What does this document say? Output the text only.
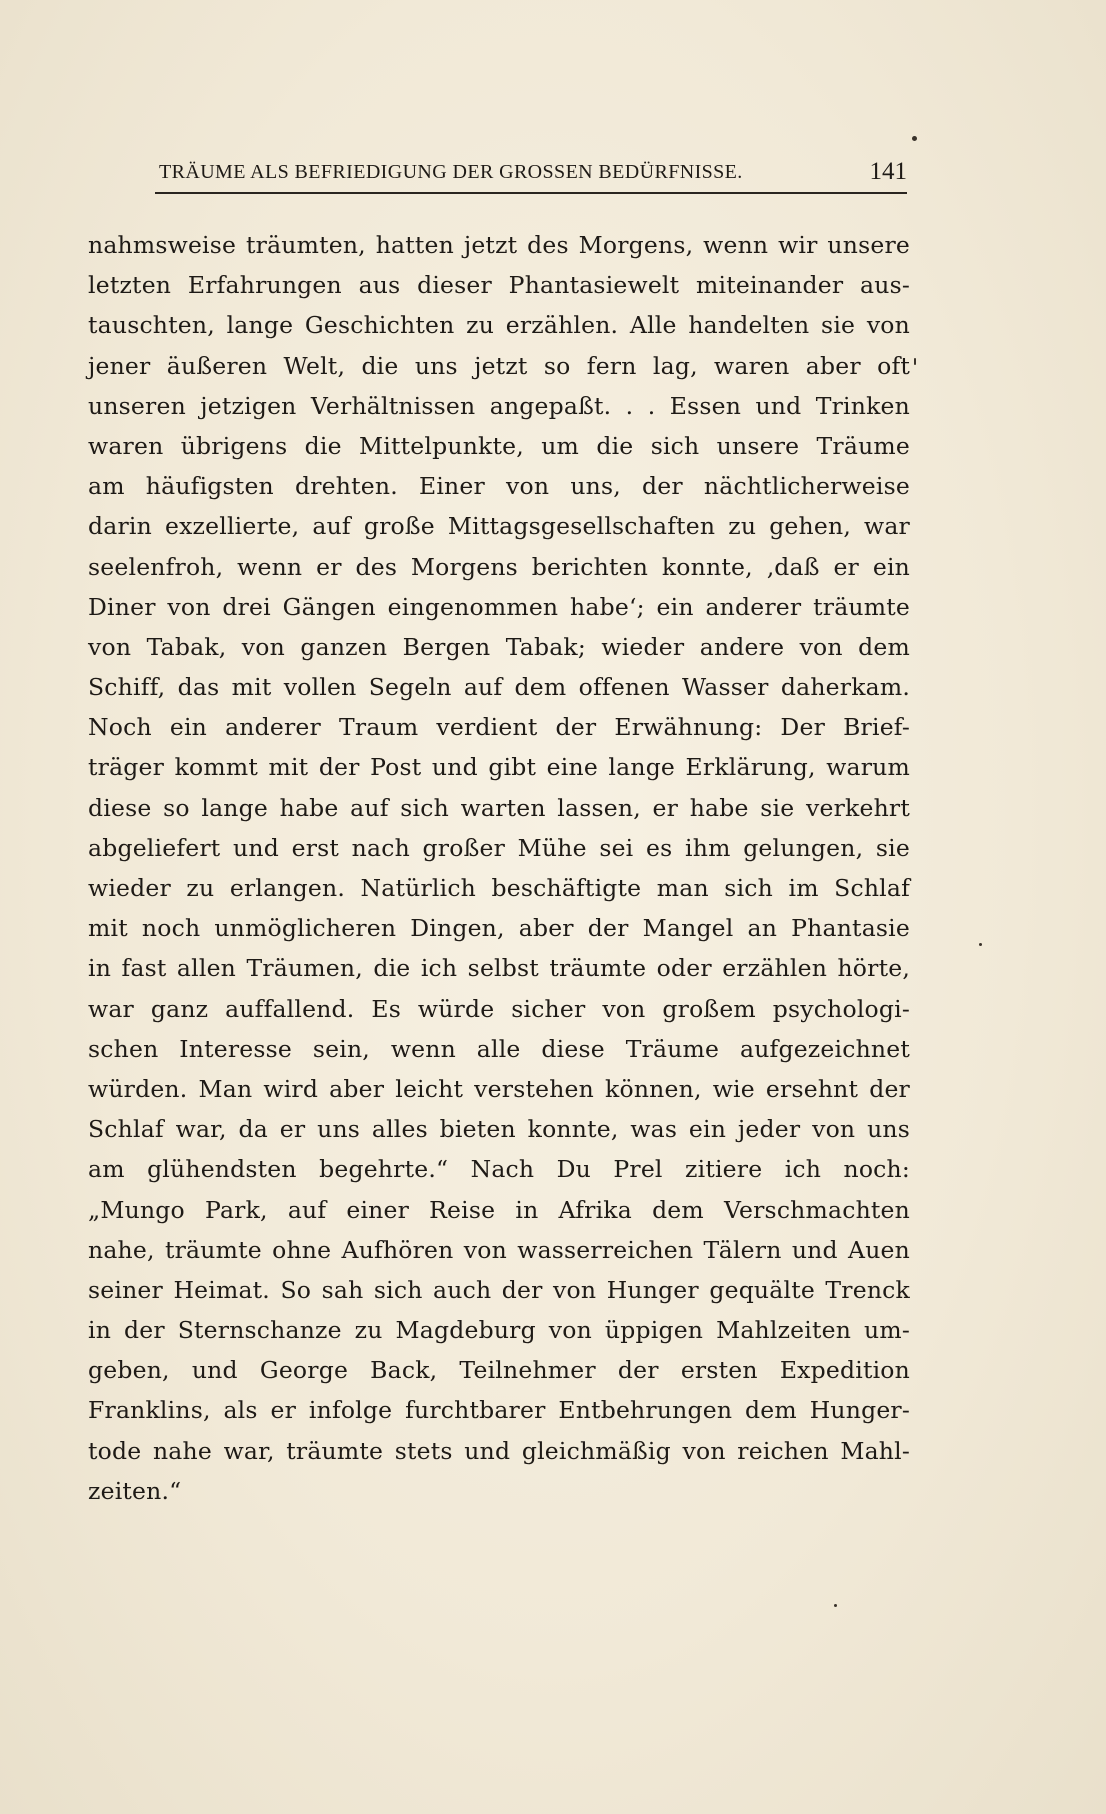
TRÄUME ALS BEFRIEDIGUNG DER GROSSEN BEDÜRFNISSE.	141
nahmsweise träumten, hatten jetzt des Morgens, wenn wir unsere
letzten Erfahrungen aus dieser Phantasiewelt miteinander aus-
tauschten, lange Geschichten zu erzählen. Alle handelten sie von
jener äußeren Welt, die uns jetzt so fern lag, waren aber oft
unseren jetzigen Verhältnissen angepaßt. . . Essen und Trinken
waren übrigens die Mittelpunkte, um die sich unsere Träume
am häufigsten drehten. Einer von uns, der nächtlicherweise
darin exzellierte, auf große Mittagsgesellschaften zu gehen, war
seelenfroh, wenn er des Morgens berichten konnte, ‚daß er ein
Diner von drei Gängen eingenommen habe‘; ein anderer träumte
von Tabak, von ganzen Bergen Tabak; wieder andere von dem
Schiff, das mit vollen Segeln auf dem offenen Wasser daherkam.
Noch ein anderer Traum verdient der Erwähnung: Der Brief-
träger kommt mit der Post und gibt eine lange Erklärung, warum
diese so lange habe auf sich warten lassen, er habe sie verkehrt
abgeliefert und erst nach großer Mühe sei es ihm gelungen, sie
wieder zu erlangen. Natürlich beschäftigte man sich im Schlaf
mit noch unmöglicheren Dingen, aber der Mangel an Phantasie
in fast allen Träumen, die ich selbst träumte oder erzählen hörte,
war ganz auffallend. Es würde sicher von großem psychologi-
schen Interesse sein, wenn alle diese Träume aufgezeichnet
würden. Man wird aber leicht verstehen können, wie ersehnt der
Schlaf war, da er uns alles bieten konnte, was ein jeder von uns
am glühendsten begehrte.“ Nach Du Prel zitiere ich noch:
„Mungo Park, auf einer Reise in Afrika dem Verschmachten
nahe, träumte ohne Aufhören von wasserreichen Tälern und Auen
seiner Heimat. So sah sich auch der von Hunger gequälte Trenck
in der Sternschanze zu Magdeburg von üppigen Mahlzeiten um-
geben, und George Back, Teilnehmer der ersten Expedition
Franklins, als er infolge furchtbarer Entbehrungen dem Hunger-
tode nahe war, träumte stets und gleichmäßig von reichen Mahl-
zeiten.“
